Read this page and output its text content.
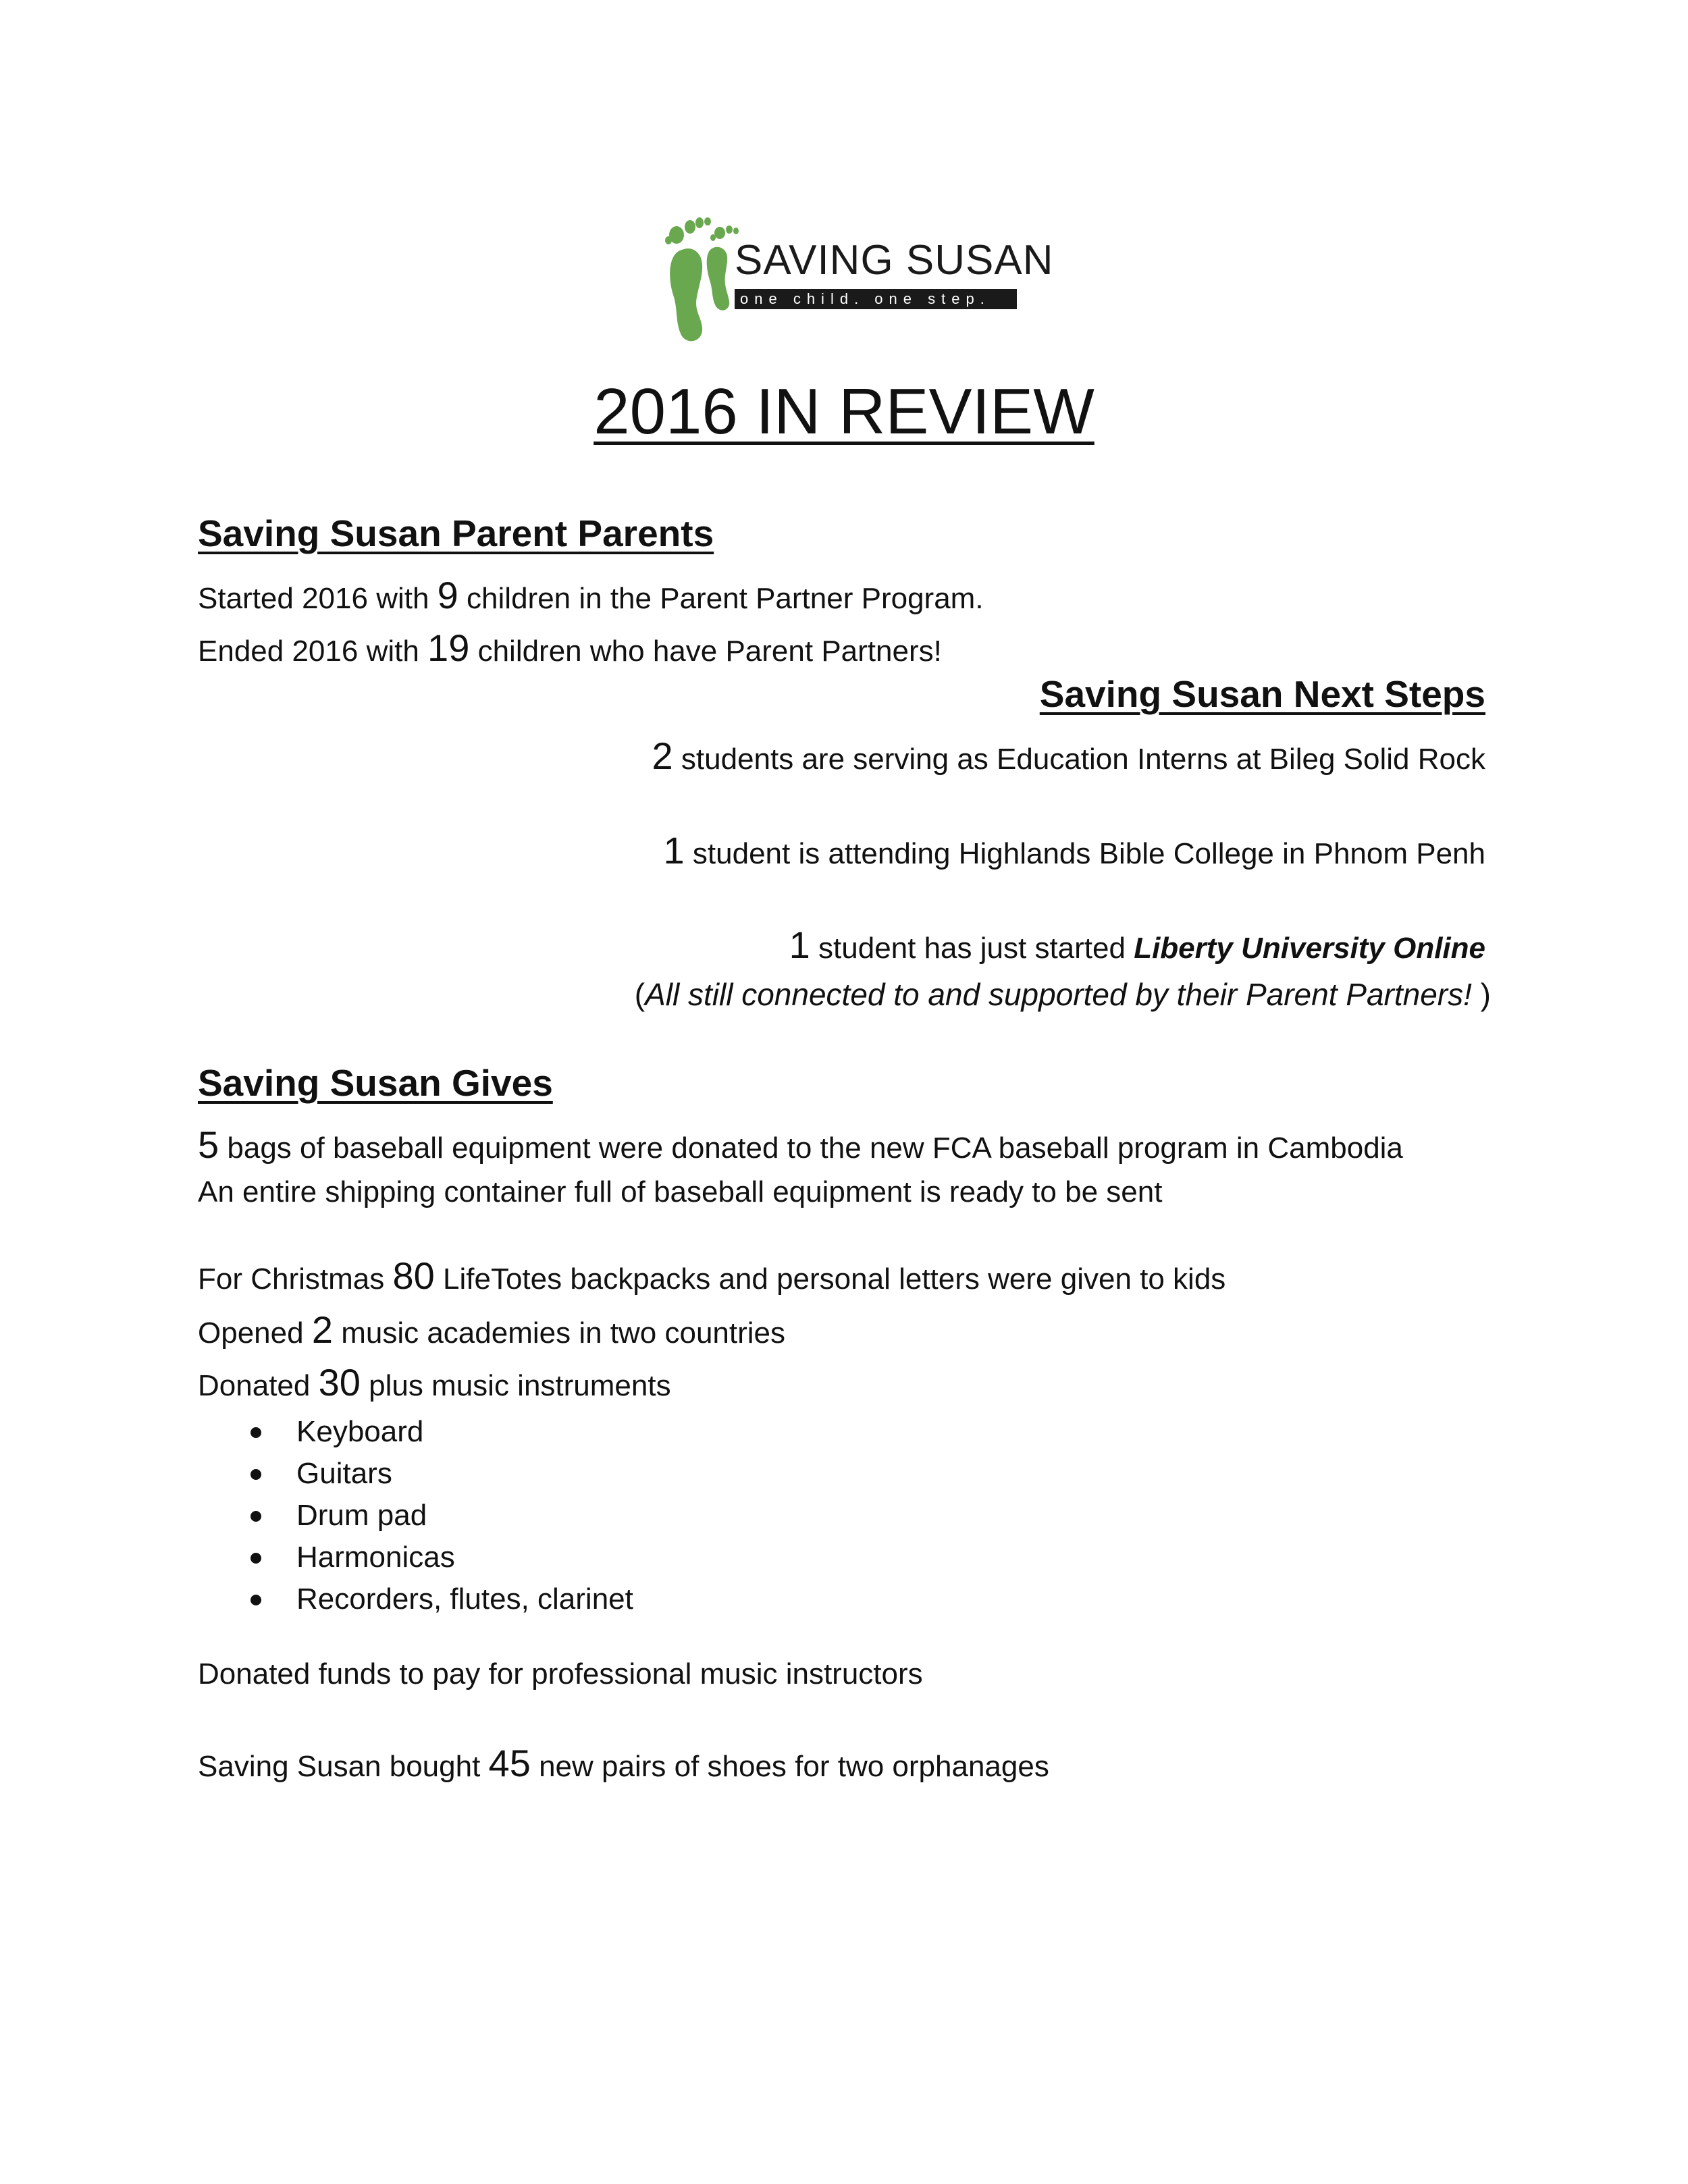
SAVING SUSAN
one child. one step.
2016 IN REVIEW
Saving Susan Parent Parents
Started 2016 with 9 children in the Parent Partner Program.
Ended 2016 with 19 children who have Parent Partners!
Saving Susan Next Steps
2 students are serving as Education Interns at Bileg Solid Rock
1 student is attending Highlands Bible College in Phnom Penh
1 student has just started Liberty University Online
(All still connected to and supported by their Parent Partners! )
Saving Susan Gives
5 bags of baseball equipment were donated to the new FCA baseball program in Cambodia
An entire shipping container full of baseball equipment is ready to be sent
For Christmas 80 LifeTotes backpacks and personal letters were given to kids
Opened 2 music academies in two countries
Donated 30 plus music instruments
Keyboard
Guitars
Drum pad
Harmonicas
Recorders, flutes, clarinet
Donated funds to pay for professional music instructors
Saving Susan bought 45 new pairs of shoes for two orphanages
